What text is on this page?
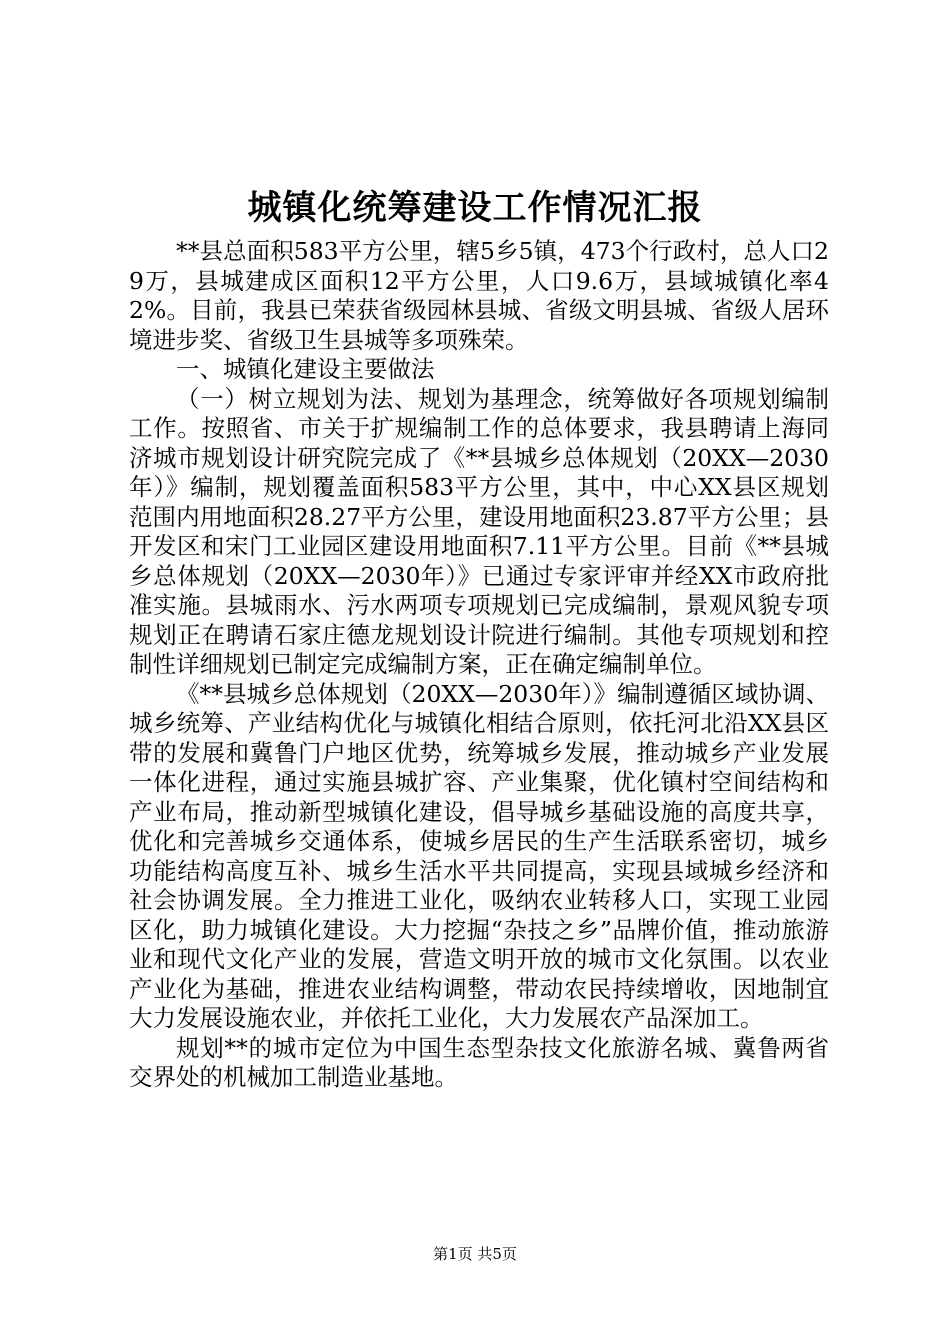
城镇化统筹建设工作情况汇报

**县总面积583平方公里，辖5乡5镇，473个行政村，总人口29万，县城建成区面积12平方公里，人口9.6万，县域城镇化率42%。目前，我县已荣获省级园林县城、省级文明县城、省级人居环境进步奖、省级卫生县城等多项殊荣。

一、城镇化建设主要做法

（一）树立规划为法、规划为基理念，统筹做好各项规划编制工作。按照省、市关于扩规编制工作的总体要求，我县聘请上海同济城市规划设计研究院完成了《**县城乡总体规划（20XX—2030年）》编制，规划覆盖面积583平方公里，其中，中心XX县区规划范围内用地面积28.27平方公里，建设用地面积23.87平方公里；县开发区和宋门工业园区建设用地面积7.11平方公里。目前《**县城乡总体规划（20XX—2030年）》已通过专家评审并经XX市政府批准实施。县城雨水、污水两项专项规划已完成编制，景观风貌专项规划正在聘请石家庄德龙规划设计院进行编制。其他专项规划和控制性详细规划已制定完成编制方案，正在确定编制单位。

《**县城乡总体规划（20XX—2030年）》编制遵循区域协调、城乡统筹、产业结构优化与城镇化相结合原则，依托河北沿XX县区带的发展和冀鲁门户地区优势，统筹城乡发展，推动城乡产业发展一体化进程，通过实施县城扩容、产业集聚，优化镇村空间结构和产业布局，推动新型城镇化建设，倡导城乡基础设施的高度共享，优化和完善城乡交通体系，使城乡居民的生产生活联系密切，城乡功能结构高度互补、城乡生活水平共同提高，实现县域城乡经济和社会协调发展。全力推进工业化，吸纳农业转移人口，实现工业园区化，助力城镇化建设。大力挖掘“杂技之乡”品牌价值，推动旅游业和现代文化产业的发展，营造文明开放的城市文化氛围。以农业产业化为基础，推进农业结构调整，带动农民持续增收，因地制宜大力发展设施农业，并依托工业化，大力发展农产品深加工。

规划**的城市定位为中国生态型杂技文化旅游名城、冀鲁两省交界处的机械加工制造业基地。

第1页 共5页
